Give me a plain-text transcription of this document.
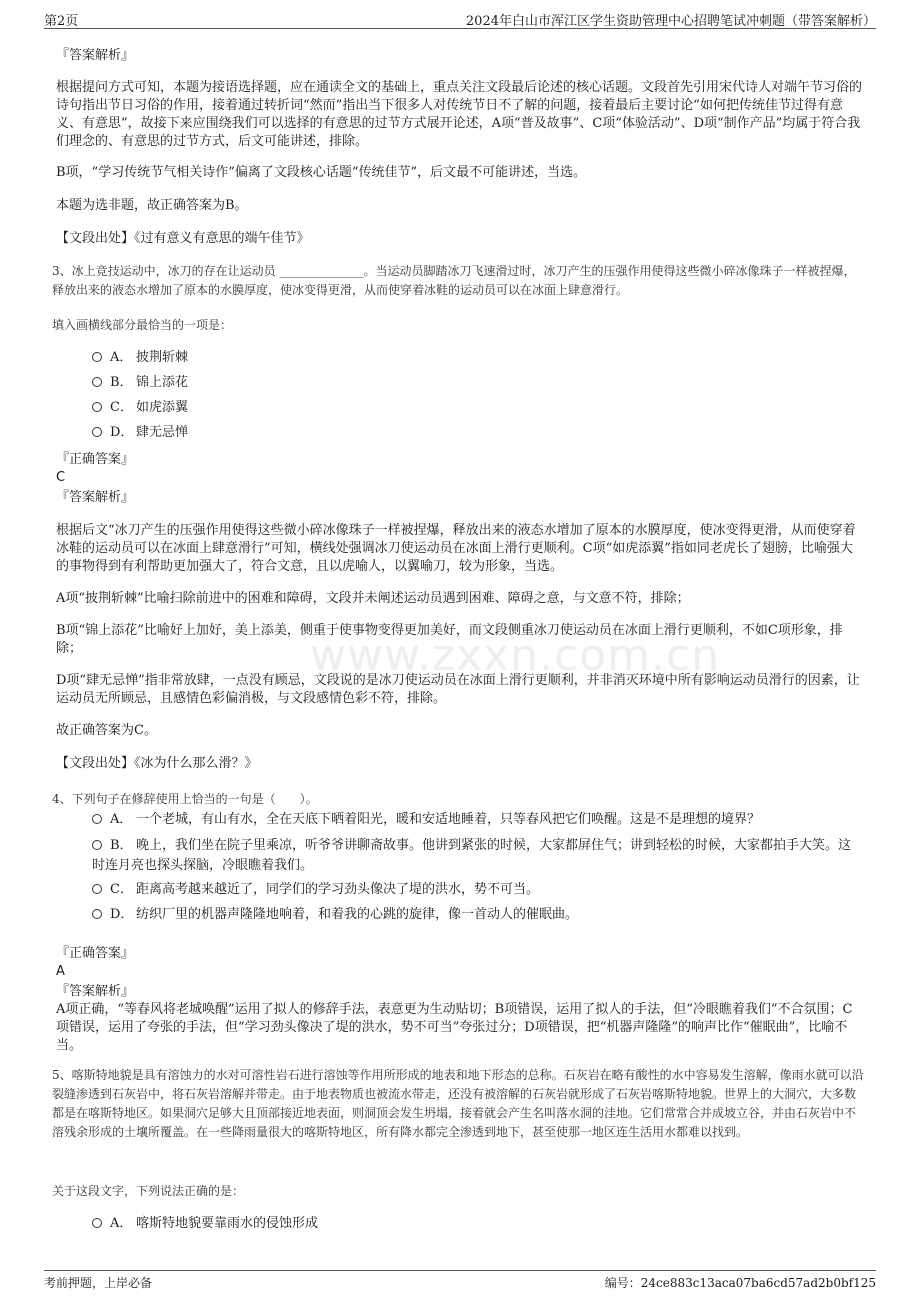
第2页	2024年白山市浑江区学生资助管理中心招聘笔试冲刺题（带答案解析）
www.zxxn.com.cn

『答案解析』

根据提问方式可知，本题为接语选择题，应在通读全文的基础上，重点关注文段最后论述的核心话题。文段首先引用宋代诗人对端午节习俗的诗句指出节日习俗的作用，接着通过转折词“然而”指出当下很多人对传统节日不了解的问题，接着最后主要讨论“如何把传统佳节过得有意义、有意思”，故接下来应围绕我们可以选择的有意思的过节方式展开论述，A项“普及故事”、C项“体验活动”、D项“制作产品”均属于符合我们理念的、有意思的过节方式，后文可能讲述，排除。

B项，“学习传统节气相关诗作”偏离了文段核心话题“传统佳节”，后文最不可能讲述，当选。

本题为选非题，故正确答案为B。

【文段出处】《过有意义有意思的端午佳节》

3、冰上竞技运动中，冰刀的存在让运动员 ______________。当运动员脚踏冰刀飞速滑过时，冰刀产生的压强作用使得这些微小碎冰像珠子一样被捏爆，释放出来的液态水增加了原本的水膜厚度，使冰变得更滑，从而使穿着冰鞋的运动员可以在冰面上肆意滑行。

填入画横线部分最恰当的一项是：

A． 披荆斩棘
B． 锦上添花
C． 如虎添翼
D． 肆无忌惮

『正确答案』

C

『答案解析』

根据后文“冰刀产生的压强作用使得这些微小碎冰像珠子一样被捏爆，释放出来的液态水增加了原本的水膜厚度，使冰变得更滑，从而使穿着冰鞋的运动员可以在冰面上肆意滑行”可知，横线处强调冰刀使运动员在冰面上滑行更顺利。C项“如虎添翼”指如同老虎长了翅膀，比喻强大的事物得到有利帮助更加强大了，符合文意，且以虎喻人，以翼喻刀，较为形象，当选。

A项“披荆斩棘”比喻扫除前进中的困难和障碍，文段并未阐述运动员遇到困难、障碍之意，与文意不符，排除；

B项“锦上添花”比喻好上加好，美上添美，侧重于使事物变得更加美好，而文段侧重冰刀使运动员在冰面上滑行更顺利，不如C项形象，排除；

D项“肆无忌惮”指非常放肆，一点没有顾忌，文段说的是冰刀使运动员在冰面上滑行更顺利，并非消灭环境中所有影响运动员滑行的因素，让运动员无所顾忌，且感情色彩偏消极，与文段感情色彩不符，排除。

故正确答案为C。

【文段出处】《冰为什么那么滑？》

4、下列句子在修辞使用上恰当的一句是（　　）。

A． 一个老城，有山有水，全在天底下晒着阳光，暖和安适地睡着，只等春风把它们唤醒。这是不是理想的境界？
B． 晚上，我们坐在院子里乘凉，听爷爷讲聊斋故事。他讲到紧张的时候，大家都屏住气；讲到轻松的时候，大家都拍手大笑。这时连月亮也探头探脑，冷眼瞧着我们。
C． 距离高考越来越近了，同学们的学习劲头像决了堤的洪水，势不可当。
D． 纺织厂里的机器声隆隆地响着，和着我的心跳的旋律，像一首动人的催眠曲。

『正确答案』

A

『答案解析』

A项正确，“等春风将老城唤醒”运用了拟人的修辞手法，表意更为生动贴切；B项错误，运用了拟人的手法，但“冷眼瞧着我们”不合氛围；C项错误，运用了夸张的手法，但“学习劲头像决了堤的洪水，势不可当”夸张过分；D项错误，把“机器声隆隆”的响声比作“催眠曲”，比喻不当。

5、喀斯特地貌是具有溶蚀力的水对可溶性岩石进行溶蚀等作用所形成的地表和地下形态的总称。石灰岩在略有酸性的水中容易发生溶解，像雨水就可以沿裂缝渗透到石灰岩中，将石灰岩溶解并带走。由于地表物质也被流水带走，还没有被溶解的石灰岩就形成了石灰岩喀斯特地貌。世界上的大洞穴，大多数都是在喀斯特地区。如果洞穴足够大且顶部接近地表面，则洞顶会发生坍塌，接着就会产生名叫落水洞的洼地。它们常常合并成坡立谷，并由石灰岩中不溶残余形成的土壤所覆盖。在一些降雨量很大的喀斯特地区，所有降水都完全渗透到地下，甚至使那一地区连生活用水都难以找到。

关于这段文字，下列说法正确的是：

A． 喀斯特地貌要靠雨水的侵蚀形成
考前押题，上岸必备	编号：24ce883c13aca07ba6cd57ad2b0bf125
